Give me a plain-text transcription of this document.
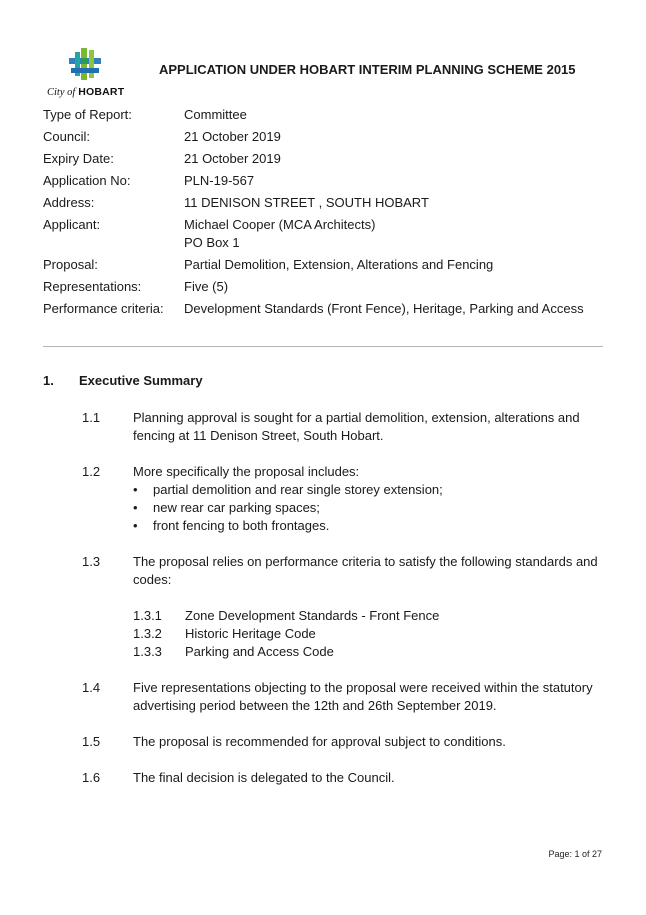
City of HOBART
APPLICATION UNDER HOBART INTERIM PLANNING SCHEME 2015
Type of Report:	Committee
Council:	21 October 2019
Expiry Date:	21 October 2019
Application No:	PLN-19-567
Address:	11 DENISON STREET , SOUTH HOBART
Applicant:	Michael Cooper (MCA Architects)
PO Box 1
Proposal:	Partial Demolition, Extension, Alterations and Fencing
Representations:	Five (5)
Performance criteria:	Development Standards (Front Fence), Heritage, Parking and Access
1. Executive Summary
1.1	Planning approval is sought for a partial demolition, extension, alterations and
fencing at 11 Denison Street, South Hobart.
1.2	More specifically the proposal includes:
• partial demolition and rear single storey extension;
• new rear car parking spaces;
• front fencing to both frontages.
1.3	The proposal relies on performance criteria to satisfy the following standards and
codes:
1.3.1 Zone Development Standards - Front Fence
1.3.2 Historic Heritage Code
1.3.3 Parking and Access Code
1.4	Five representations objecting to the proposal were received within the statutory
advertising period between the 12th and 26th September 2019.
1.5	The proposal is recommended for approval subject to conditions.
1.6	The final decision is delegated to the Council.
Page: 1 of 27
